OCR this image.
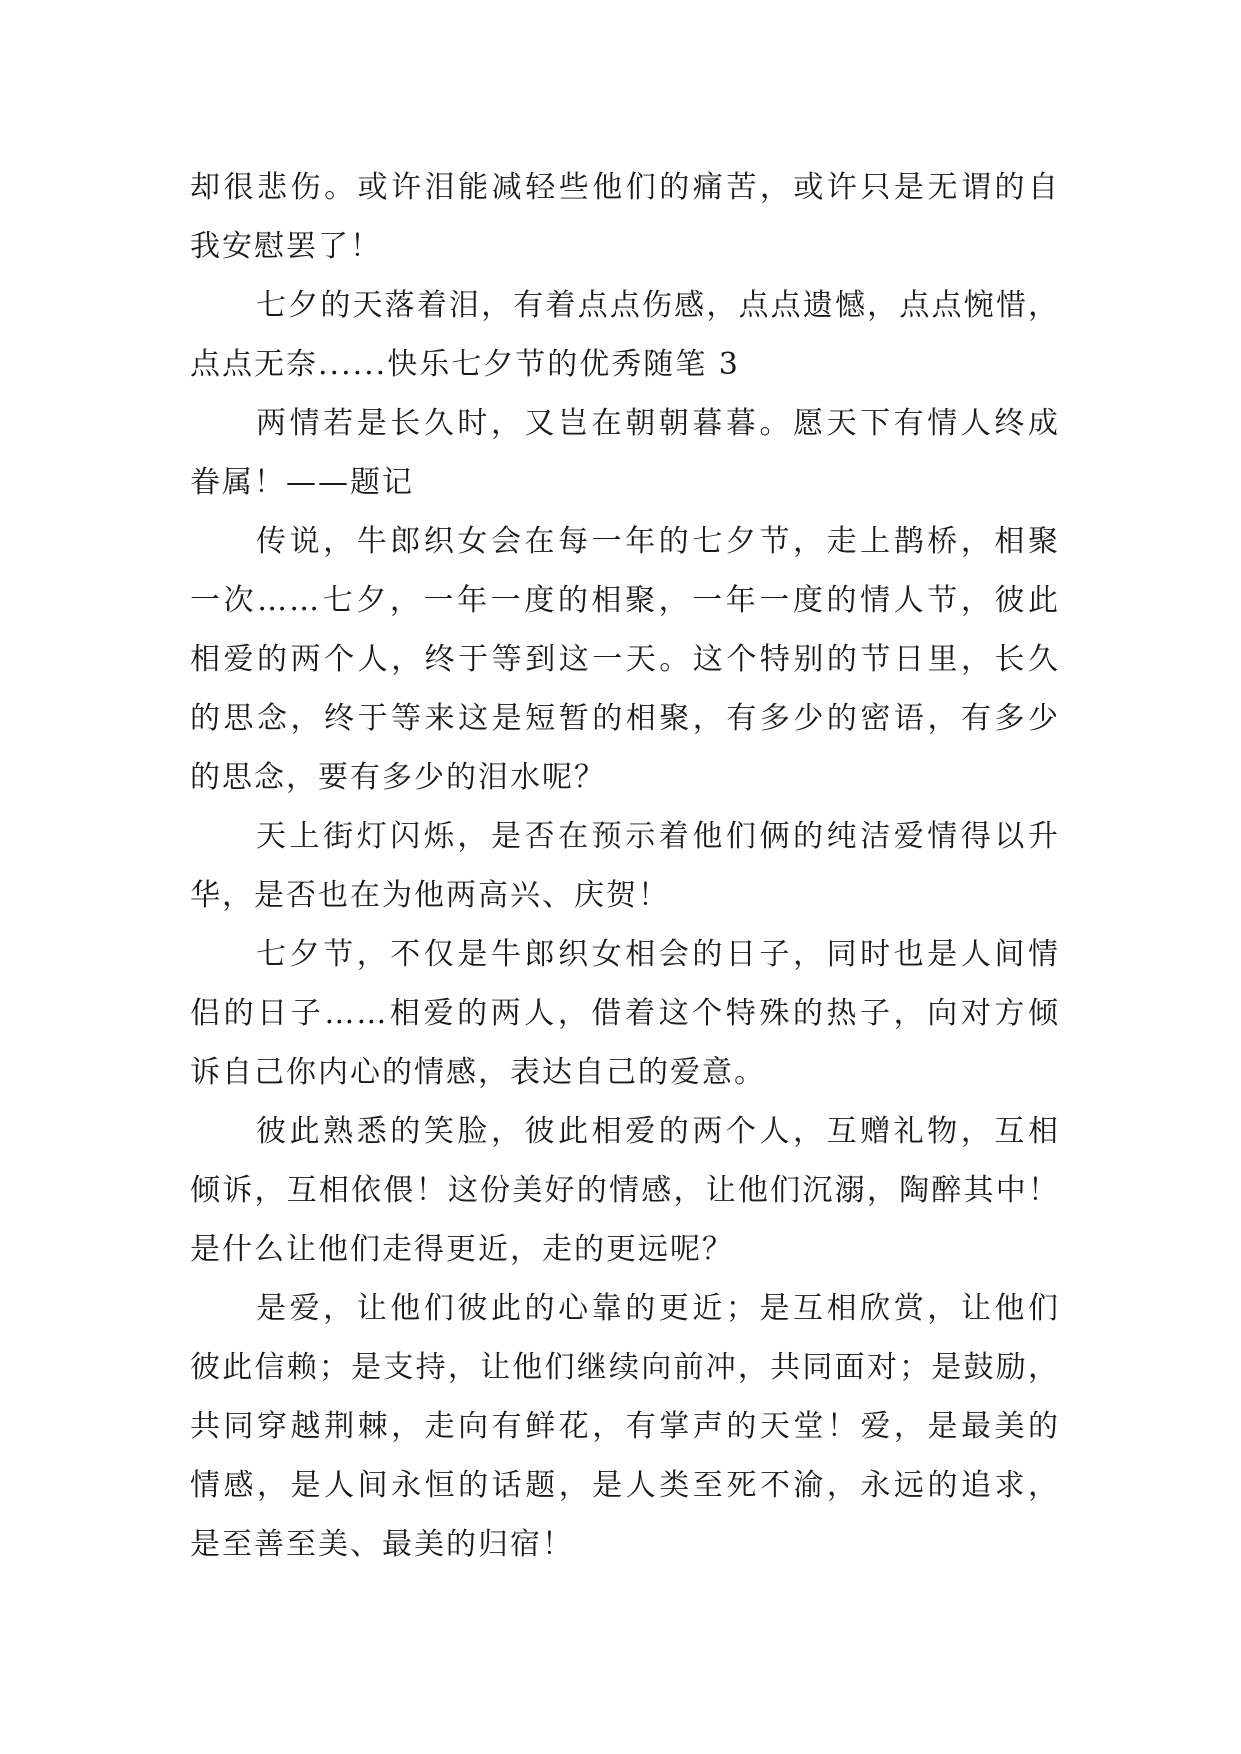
却很悲伤。或许泪能减轻些他们的痛苦，或许只是无谓的自
我安慰罢了！
七夕的天落着泪，有着点点伤感，点点遗憾，点点惋惜，
点点无奈......快乐七夕节的优秀随笔 3
两情若是长久时，又岂在朝朝暮暮。愿天下有情人终成
眷属！——题记
传说，牛郎织女会在每一年的七夕节，走上鹊桥，相聚
一次……七夕，一年一度的相聚，一年一度的情人节，彼此
相爱的两个人，终于等到这一天。这个特别的节日里，长久
的思念，终于等来这是短暂的相聚，有多少的密语，有多少
的思念，要有多少的泪水呢？
天上街灯闪烁，是否在预示着他们俩的纯洁爱情得以升
华，是否也在为他两高兴、庆贺！
七夕节，不仅是牛郎织女相会的日子，同时也是人间情
侣的日子……相爱的两人，借着这个特殊的热子，向对方倾
诉自己你内心的情感，表达自己的爱意。
彼此熟悉的笑脸，彼此相爱的两个人，互赠礼物，互相
倾诉，互相依偎！这份美好的情感，让他们沉溺，陶醉其中！
是什么让他们走得更近，走的更远呢？
是爱，让他们彼此的心靠的更近；是互相欣赏，让他们
彼此信赖；是支持，让他们继续向前冲，共同面对；是鼓励，
共同穿越荆棘，走向有鲜花，有掌声的天堂！爱，是最美的
情感，是人间永恒的话题，是人类至死不渝，永远的追求，
是至善至美、最美的归宿！
